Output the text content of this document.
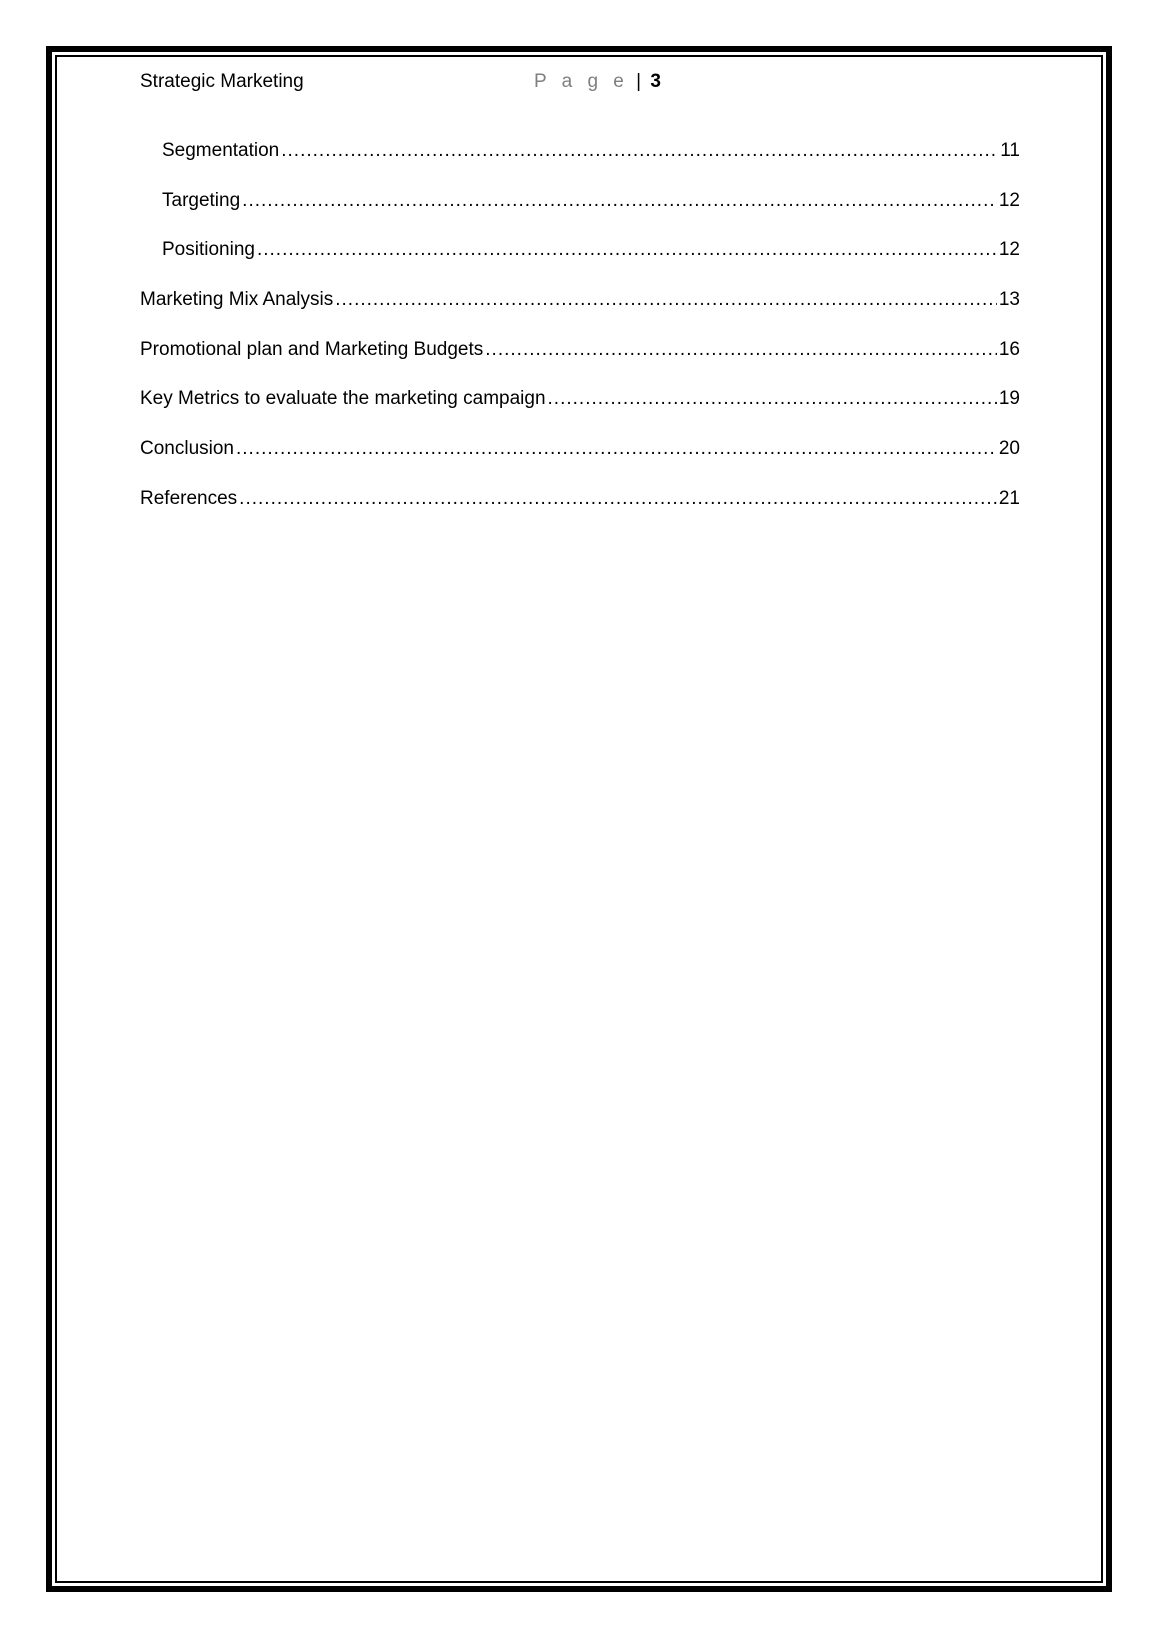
Strategic Marketing	P a g e | 3
Segmentation .....	11
Targeting .....	12
Positioning .....	12
Marketing Mix Analysis .....	13
Promotional plan and Marketing Budgets .....	16
Key Metrics to evaluate the marketing campaign .....	19
Conclusion .....	20
References .....	21
